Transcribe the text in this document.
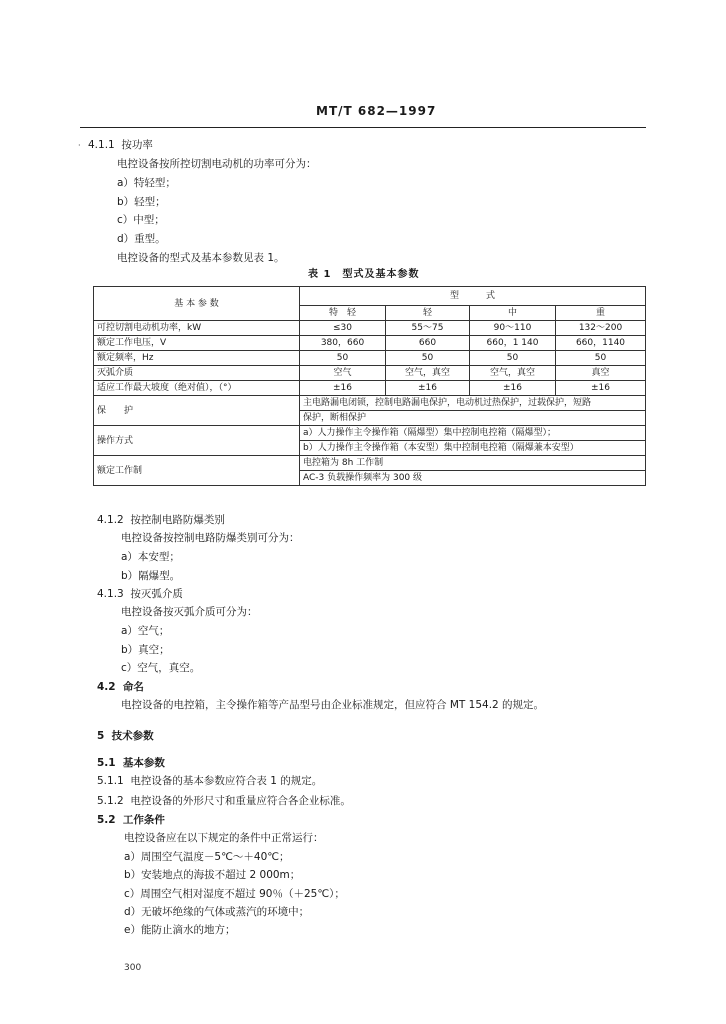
MT/T 682—1997
· 4.1.1 按功率
电控设备按所控切割电动机的功率可分为：
a）特轻型；
b）轻型；
c）中型；
d）重型。
电控设备的型式及基本参数见表 1。
表 1　型式及基本参数
基 本 参 数	型　　　式			
	特　轻	轻	中	重
可控切割电动机功率，kW	≤30	55～75	90～110	132～200
额定工作电压，V	380，660	660	660，1 140	660，1140
额定频率，Hz	50	50	50	50
灭弧介质	空气	空气，真空	空气，真空	真空
适应工作最大坡度（绝对值），（°）	±16	±16	±16	±16
保　　护	主电路漏电闭锁，控制电路漏电保护，电动机过热保护，过载保护，短路			
	保护，断相保护			
操作方式	a）人力操作主令操作箱（隔爆型）集中控制电控箱（隔爆型）；			
	b）人力操作主令操作箱（本安型）集中控制电控箱（隔爆兼本安型）			
额定工作制	电控箱为 8h 工作制			
	AC-3 负载操作频率为 300 级			
4.1.2 按控制电路防爆类别
电控设备按控制电路防爆类别可分为：
a）本安型；
b）隔爆型。
4.1.3 按灭弧介质
电控设备按灭弧介质可分为：
a）空气；
b）真空；
c）空气，真空。
4.2 命名
电控设备的电控箱，主令操作箱等产品型号由企业标准规定，但应符合 MT 154.2 的规定。
5 技术参数
5.1 基本参数
5.1.1 电控设备的基本参数应符合表 1 的规定。
5.1.2 电控设备的外形尺寸和重量应符合各企业标准。
5.2 工作条件
电控设备应在以下规定的条件中正常运行：
a）周围空气温度－5℃～＋40℃；
b）安装地点的海拔不超过 2 000m；
c）周围空气相对湿度不超过 90％（＋25℃）；
d）无破坏绝缘的气体或蒸汽的环境中；
e）能防止滴水的地方；
300
